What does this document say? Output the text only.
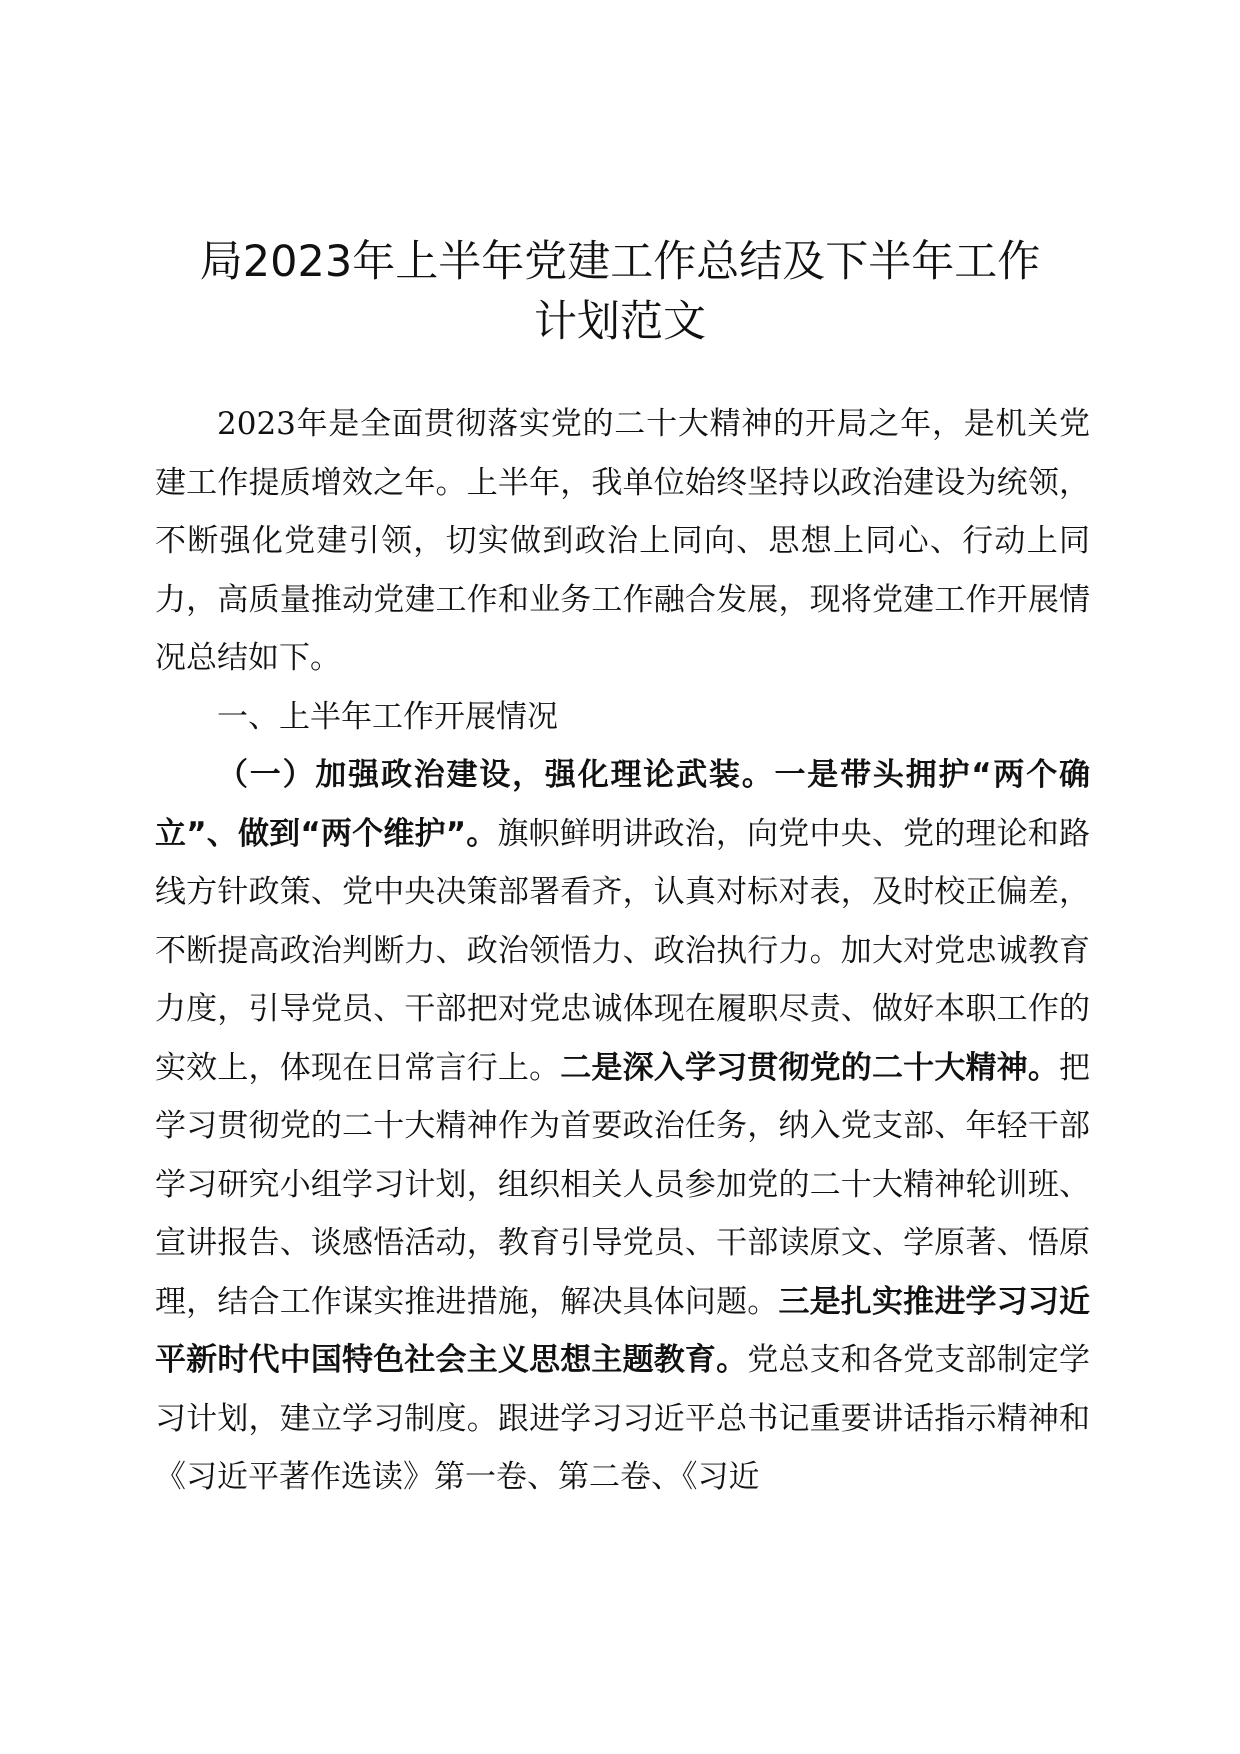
局2023年上半年党建工作总结及下半年工作
计划范文

2023年是全面贯彻落实党的二十大精神的开局之年，是机关党建工作提质增效之年。上半年，我单位始终坚持以政治建设为统领，不断强化党建引领，切实做到政治上同向、思想上同心、行动上同力，高质量推动党建工作和业务工作融合发展，现将党建工作开展情况总结如下。

一、上半年工作开展情况

（一）加强政治建设，强化理论武装。一是带头拥护“两个确立”、做到“两个维护”。旗帜鲜明讲政治，向党中央、党的理论和路线方针政策、党中央决策部署看齐，认真对标对表，及时校正偏差，不断提高政治判断力、政治领悟力、政治执行力。加大对党忠诚教育力度，引导党员、干部把对党忠诚体现在履职尽责、做好本职工作的实效上，体现在日常言行上。二是深入学习贯彻党的二十大精神。把学习贯彻党的二十大精神作为首要政治任务，纳入党支部、年轻干部学习研究小组学习计划，组织相关人员参加党的二十大精神轮训班、宣讲报告、谈感悟活动，教育引导党员、干部读原文、学原著、悟原理，结合工作谋实推进措施，解决具体问题。三是扎实推进学习习近平新时代中国特色社会主义思想主题教育。党总支和各党支部制定学习计划，建立学习制度。跟进学习习近平总书记重要讲话指示精神和《习近平著作选读》第一卷、第二卷、《习近
